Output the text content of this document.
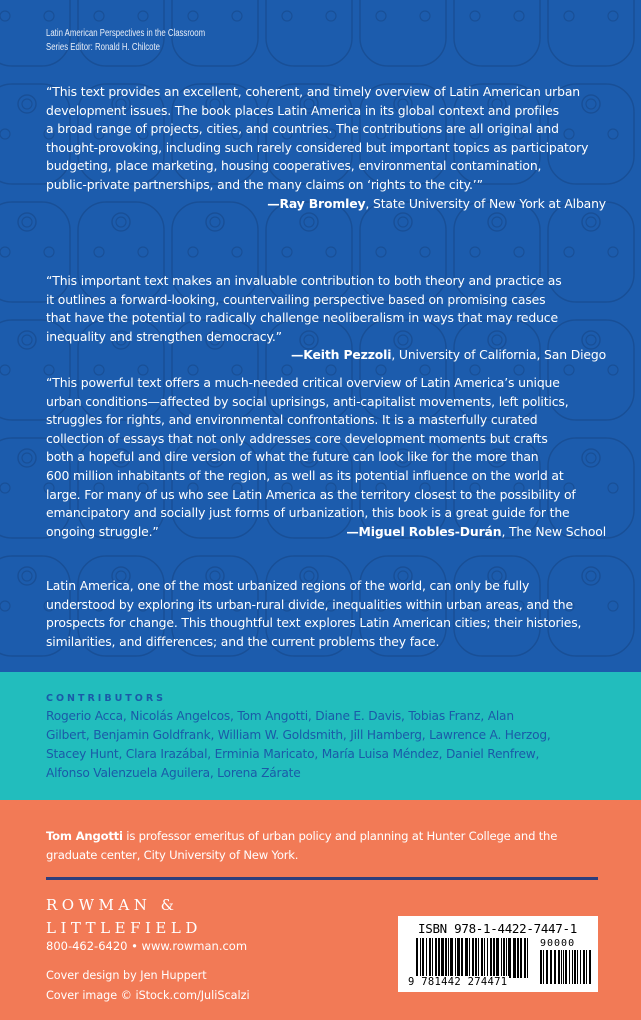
Latin American Perspectives in the Classroom
Series Editor: Ronald H. Chilcote
“This text provides an excellent, coherent, and timely overview of Latin American urban
development issues. The book places Latin America in its global context and profiles
a broad range of projects, cities, and countries. The contributions are all original and
thought-provoking, including such rarely considered but important topics as participatory
budgeting, place marketing, housing cooperatives, environmental contamination,
public-private partnerships, and the many claims on ‘rights to the city.’”
—Ray Bromley, State University of New York at Albany
“This important text makes an invaluable contribution to both theory and practice as
it outlines a forward-looking, countervailing perspective based on promising cases
that have the potential to radically challenge neoliberalism in ways that may reduce
inequality and strengthen democracy.”
—Keith Pezzoli, University of California, San Diego
“This powerful text offers a much-needed critical overview of Latin America’s unique
urban conditions—affected by social uprisings, anti-capitalist movements, left politics,
struggles for rights, and environmental confrontations. It is a masterfully curated
collection of essays that not only addresses core development moments but crafts
both a hopeful and dire version of what the future can look like for the more than
600 million inhabitants of the region, as well as its potential influence on the world at
large. For many of us who see Latin America as the territory closest to the possibility of
emancipatory and socially just forms of urbanization, this book is a great guide for the
ongoing struggle.”	—Miguel Robles-Durán, The New School
Latin America, one of the most urbanized regions of the world, can only be fully
understood by exploring its urban-rural divide, inequalities within urban areas, and the
prospects for change. This thoughtful text explores Latin American cities; their histories,
similarities, and differences; and the current problems they face.
CONTRIBUTORS
Rogerio Acca, Nicolás Angelcos, Tom Angotti, Diane E. Davis, Tobias Franz, Alan
Gilbert, Benjamin Goldfrank, William W. Goldsmith, Jill Hamberg, Lawrence A. Herzog,
Stacey Hunt, Clara Irazábal, Erminia Maricato, María Luisa Méndez, Daniel Renfrew,
Alfonso Valenzuela Aguilera, Lorena Zárate
Tom Angotti is professor emeritus of urban policy and planning at Hunter College and the
graduate center, City University of New York.
ROWMAN &
LITTLEFIELD
800-462-6420 • www.rowman.com
Cover design by Jen Huppert
Cover image © iStock.com/JuliScalzi
ISBN 978-1-4422-7447-1
90000
9 781442 274471
